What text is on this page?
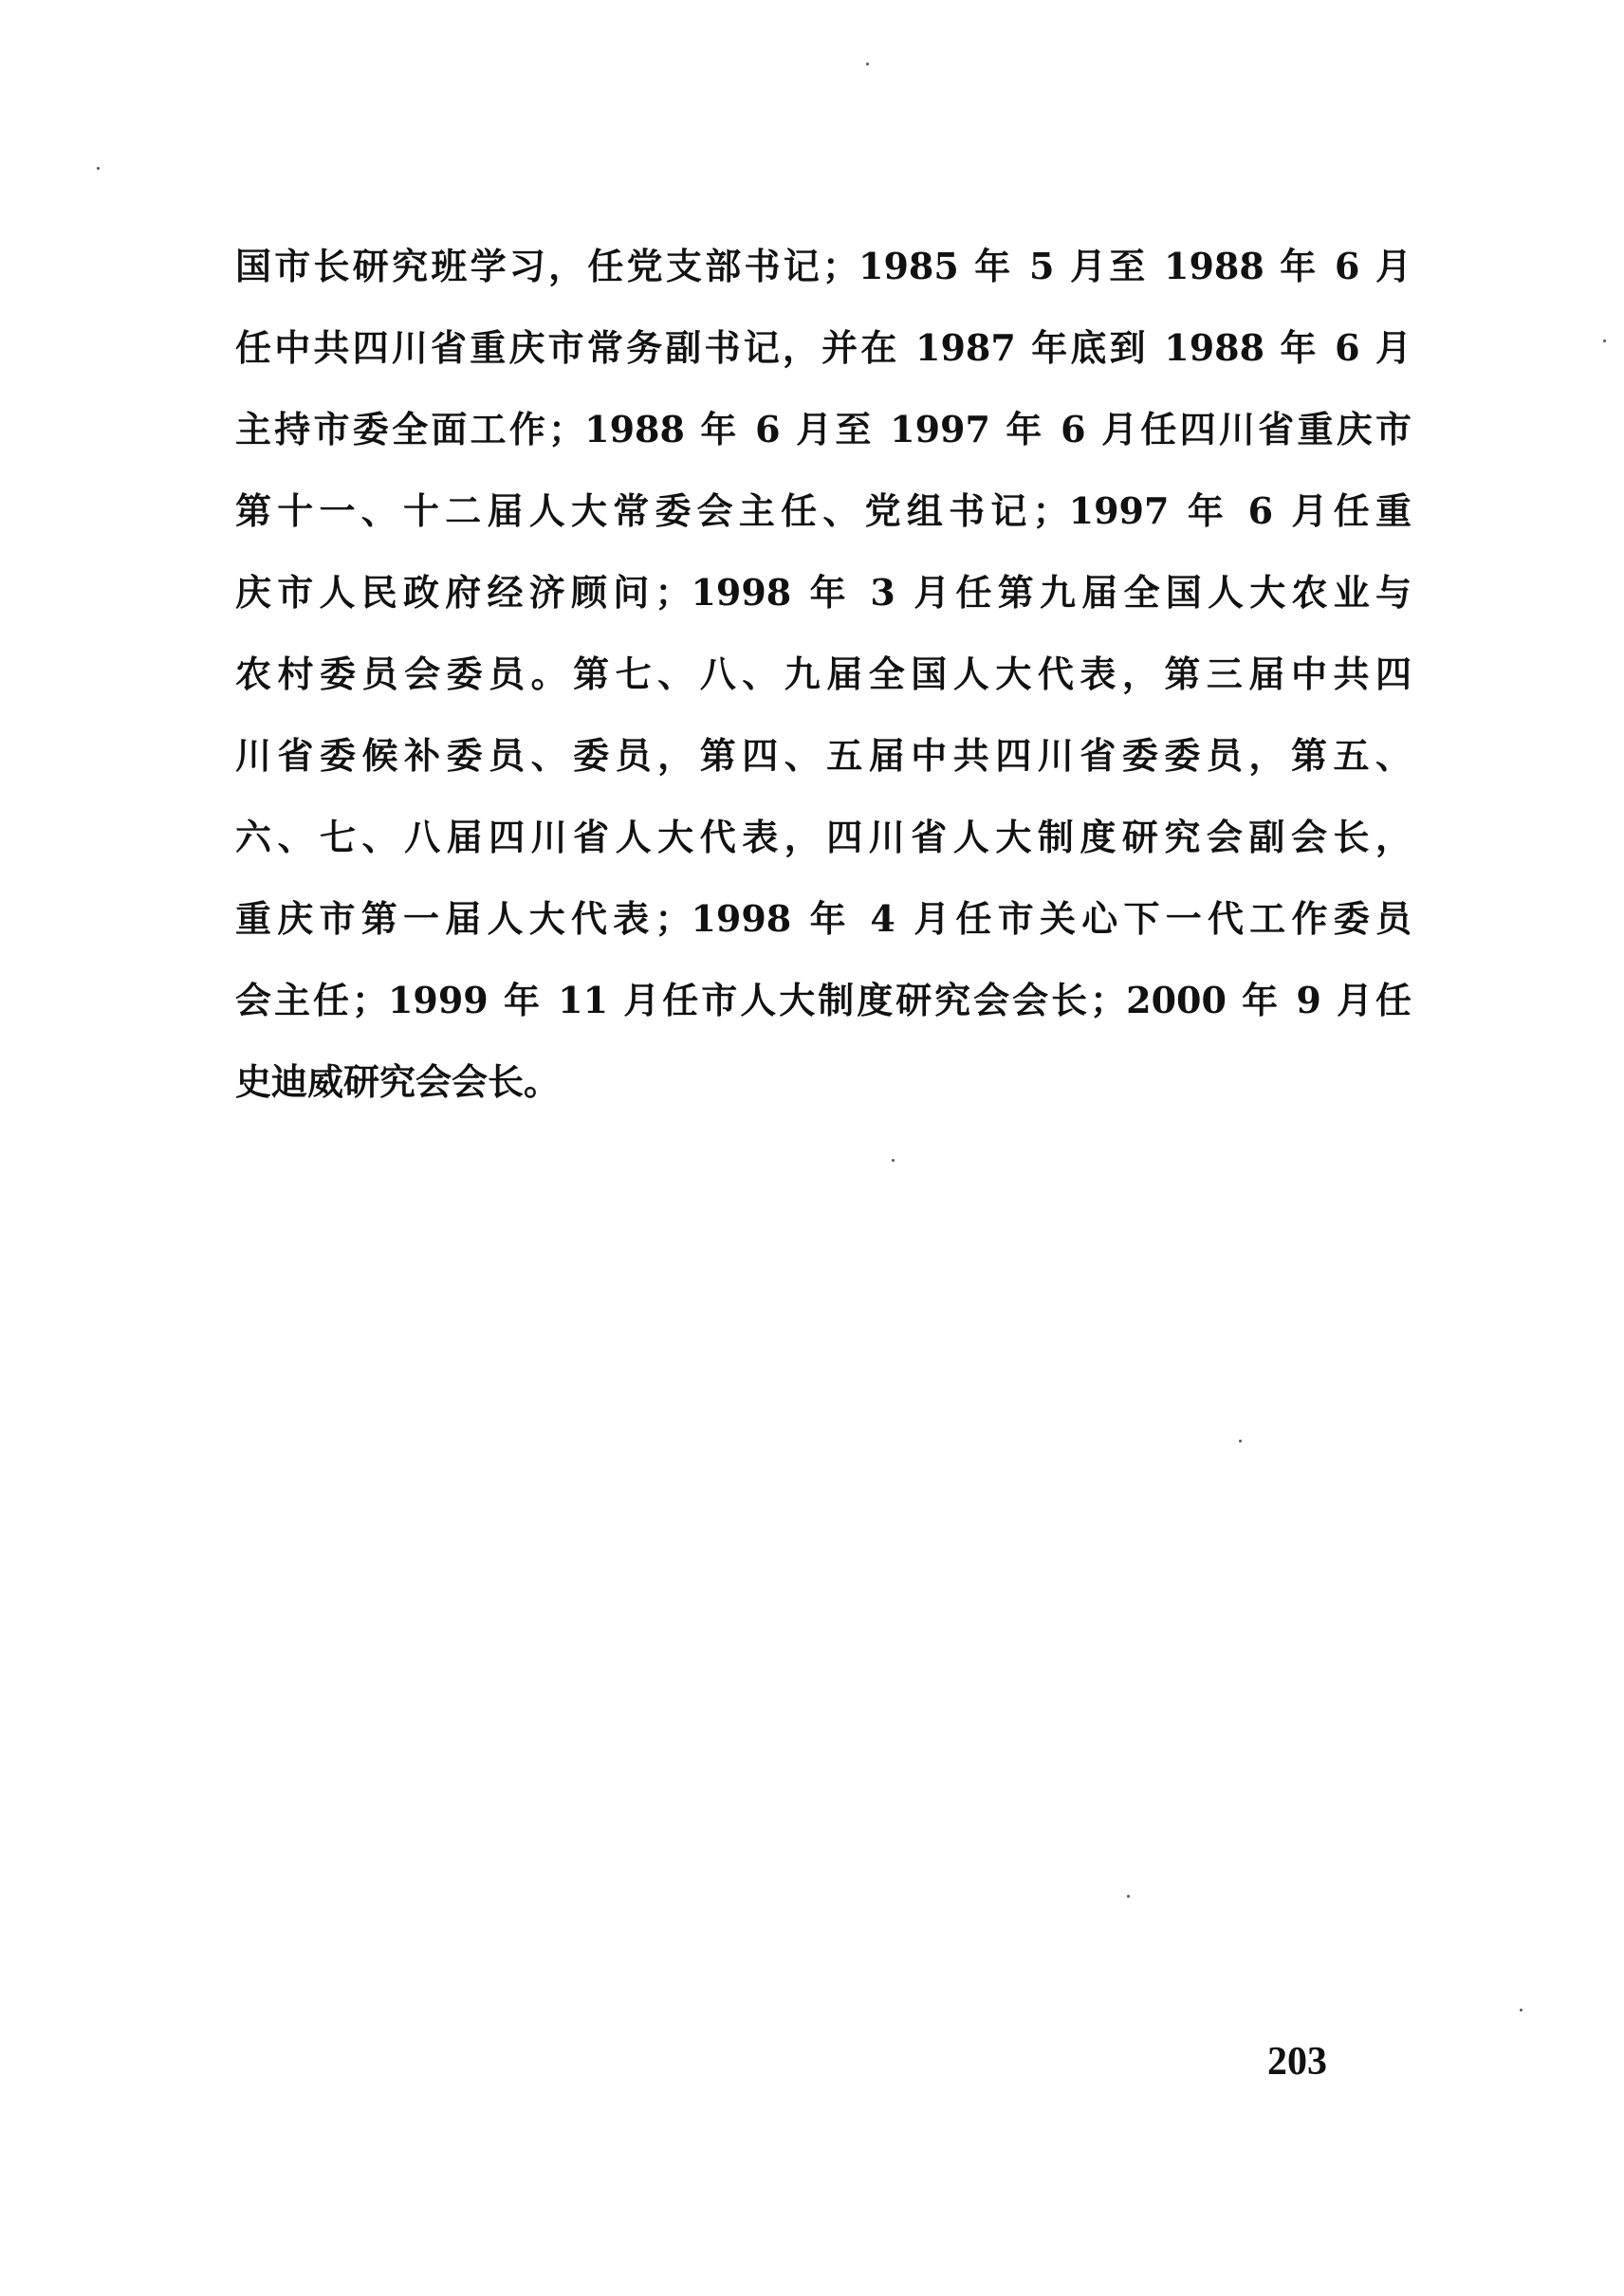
国市长研究班学习，任党支部书记；1985 年 5 月至 1988 年 6 月
任中共四川省重庆市常务副书记，并在 1987 年底到 1988 年 6 月
主持市委全面工作；1988 年 6 月至 1997 年 6 月任四川省重庆市
第十一、十二届人大常委会主任、党组书记；1997 年 6 月任重
庆市人民政府经济顾问；1998 年 3 月任第九届全国人大农业与
农村委员会委员。第七、八、九届全国人大代表，第三届中共四
川省委候补委员、委员，第四、五届中共四川省委委员，第五、
六、七、八届四川省人大代表，四川省人大制度研究会副会长，
重庆市第一届人大代表；1998 年 4 月任市关心下一代工作委员
会主任；1999 年 11 月任市人大制度研究会会长；2000 年 9 月任
史迪威研究会会长。
203
